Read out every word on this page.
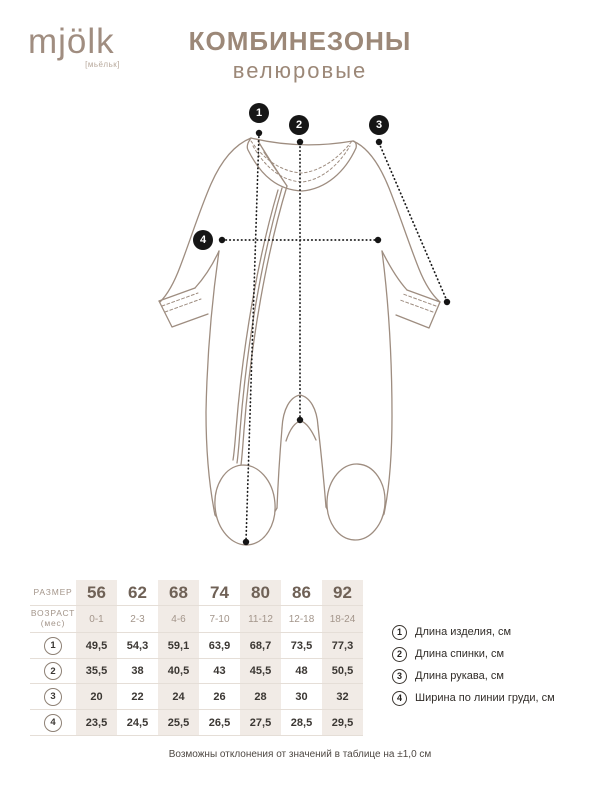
mjölk
[мьёльк]
КОМБИНЕЗОНЫ
велюровые
1
2	3
4
РАЗМЕР 56	62	68	74	80	86	92
ВОЗРАСТ
(мес)	0-1	2-3	4-6	7-10	11-12	12-18	18-24
1	49,5	54,3	59,1	63,9	68,7	73,5	77,3
2	35,5	38	40,5	43	45,5	48	50,5
3	20	22	24	26	28	30	32
4	23,5	24,5	25,5	26,5	27,5	28,5	29,5
1	Длина изделия, см
2	Длина спинки, см
3	Длина рукава, см
4	Ширина по линии груди, см
Возможны отклонения от значений в таблице на ±1,0 см
